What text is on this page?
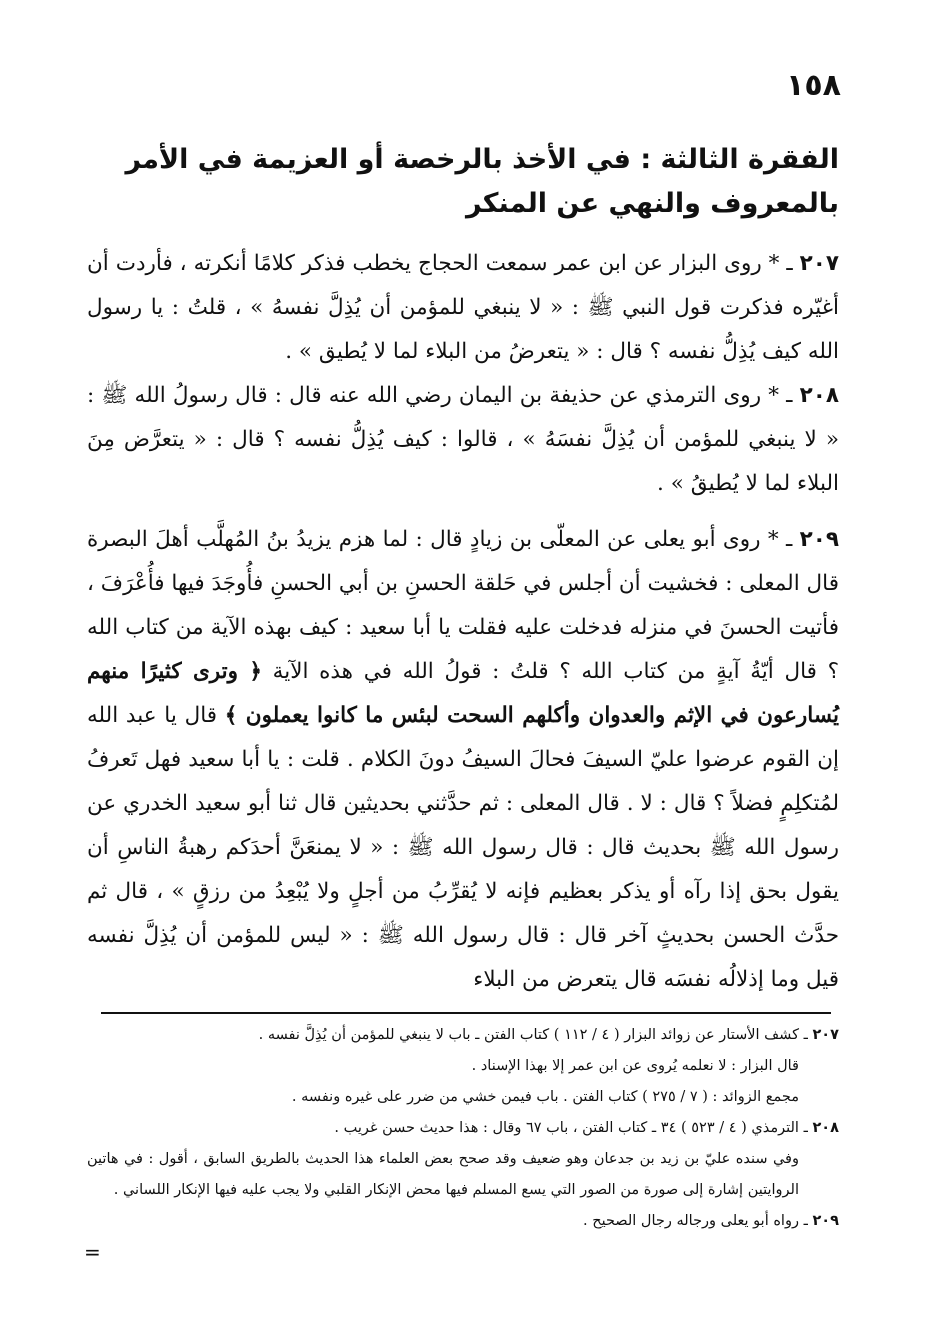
١٥٨
الفقرة الثالثة : في الأخذ بالرخصة أو العزيمة في الأمر بالمعروف والنهي عن المنكر

٢٠٧ ـ * روى البزار عن ابن عمر سمعت الحجاج يخطب فذكر كلامًا أنكرته ، فأردت أن أغيّره فذكرت قول النبي ﷺ : « لا ينبغي للمؤمن أن يُذِلَّ نفسهُ » ، قلتُ : يا رسول الله كيف يُذِلُّ نفسه ؟ قال : « يتعرضُ من البلاء لما لا يُطيق » .

٢٠٨ ـ * روى الترمذي عن حذيفة بن اليمان رضي الله عنه قال : قال رسولُ الله ﷺ : « لا ينبغي للمؤمن أن يُذِلَّ نفسَهُ » ، قالوا : كيف يُذِلُّ نفسه ؟ قال : « يتعرَّض مِنَ البلاء لما لا يُطيقُ » .

٢٠٩ ـ * روى أبو يعلى عن المعلّى بن زيادٍ قال : لما هزم يزيدُ بنُ المُهلَّب أهلَ البصرة قال المعلى : فخشيت أن أجلس في حَلقة الحسنِ بن أبي الحسنِ فأُوجَدَ فيها فأُعْرَفَ ، فأتيت الحسنَ في منزله فدخلت عليه فقلت يا أبا سعيد : كيف بهذه الآية من كتاب الله ؟ قال أيّةُ آيةٍ من كتاب الله ؟ قلتُ : قولُ الله في هذه الآية ﴿ وترى كثيرًا منهم يُسارعون في الإثم والعدوان وأكلهم السحت لبئس ما كانوا يعملون ﴾ قال يا عبد الله إن القوم عرضوا عليّ السيفَ فحالَ السيفُ دونَ الكلام . قلت : يا أبا سعيد فهل تَعرفُ لمُتكلِمٍ فضلاً ؟ قال : لا . قال المعلى : ثم حدَّثني بحديثين قال ثنا أبو سعيد الخدري عن رسول الله ﷺ بحديث قال : قال رسول الله ﷺ : « لا يمنعَنَّ أحدَكم رهبةُ الناسِ أن يقول بحق إذا رآه أو يذكر بعظيم فإنه لا يُقرِّبُ من أجلٍ ولا يُبْعِدُ من رزقٍ » ، قال ثم حدَّث الحسن بحديثٍ آخر قال : قال رسول الله ﷺ : « ليس للمؤمن أن يُذِلَّ نفسه قيل وما إذلالُه نفسَه قال يتعرض من البلاء

٢٠٧ ـ كشف الأستار عن زوائد البزار ( ٤ / ١١٢ ) كتاب الفتن ـ باب لا ينبغي للمؤمن أن يُذِلَّ نفسه .

قال البزار : لا نعلمه يُروى عن ابن عمر إلا بهذا الإسناد .

مجمع الزوائد : ( ٧ / ٢٧٥ ) كتاب الفتن . باب فيمن خشي من ضرر على غيره ونفسه .

٢٠٨ ـ الترمذي ( ٤ / ٥٢٣ ) ٣٤ ـ كتاب الفتن ، باب ٦٧ وقال : هذا حديث حسن غريب .

وفي سنده عليّ بن زيد بن جدعان وهو ضعيف وقد صحح بعض العلماء هذا الحديث بالطريق السابق ، أقول : في هاتين الروايتين إشارة إلى صورة من الصور التي يسع المسلم فيها محض الإنكار القلبي ولا يجب عليه فيها الإنكار اللساني .

٢٠٩ ـ رواه أبو يعلى ورجاله رجال الصحيح .

=
